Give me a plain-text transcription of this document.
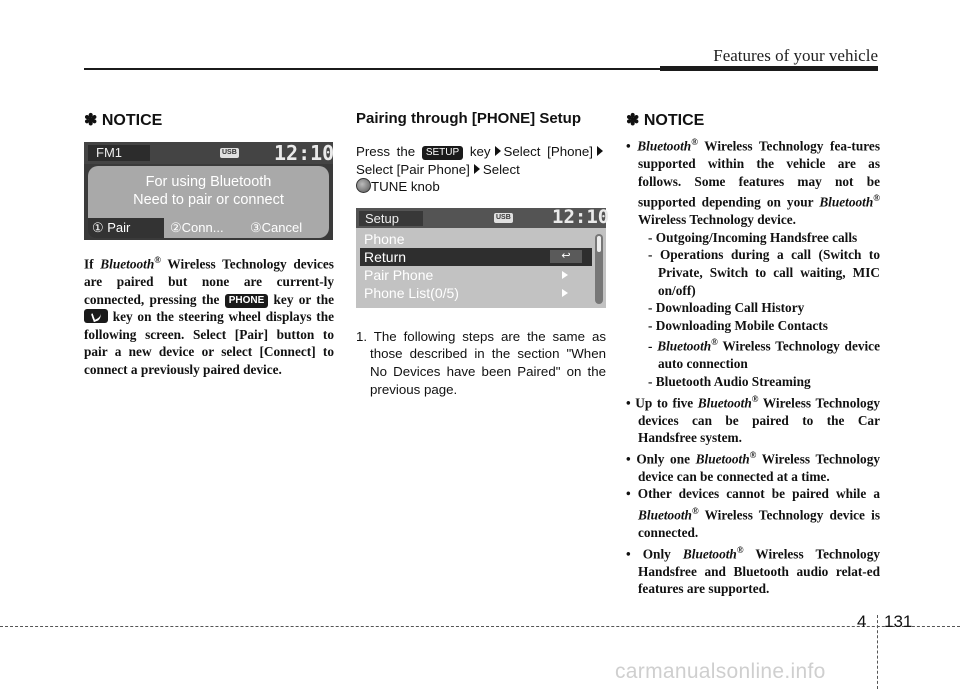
Features of your vehicle
✽ NOTICE
FM1	USB 12:10
For using Bluetooth
Need to pair or connect
① Pair	②Conn... ③Cancel
If Bluetooth® Wireless Technology devices are paired but none are current-ly connected, pressing the PHONE key or the  key on the steering wheel displays the following screen. Select [Pair] button to pair a new device or select [Connect] to connect a previously paired device.
Pairing through [PHONE] Setup
Press the SETUP key Select [Phone]Select [Pair Phone] Select
TUNE knob
Setup	USB 12:10
Phone
Return	↩
Pair Phone
Phone List(0/5)
1. The following steps are the same as those described in the section "When No Devices have been Paired" on the previous page.
✽ NOTICE
• Bluetooth® Wireless Technology fea-tures supported within the vehicle are as follows. Some features may not be supported depending on your Bluetooth® Wireless Technology device.
- Outgoing/Incoming Handsfree calls
- Operations during a call (Switch to Private, Switch to call waiting, MIC on/off)
- Downloading Call History
- Downloading Mobile Contacts
- Bluetooth® Wireless Technology device auto connection
- Bluetooth Audio Streaming
• Up to five Bluetooth® Wireless Technology devices can be paired to the Car Handsfree system.
• Only one Bluetooth® Wireless Technology device can be connected at a time.
• Other devices cannot be paired while a Bluetooth® Wireless Technology device is connected.
• Only Bluetooth® Wireless Technology Handsfree and Bluetooth audio relat-ed features are supported.
4 131
carmanualsonline.info
